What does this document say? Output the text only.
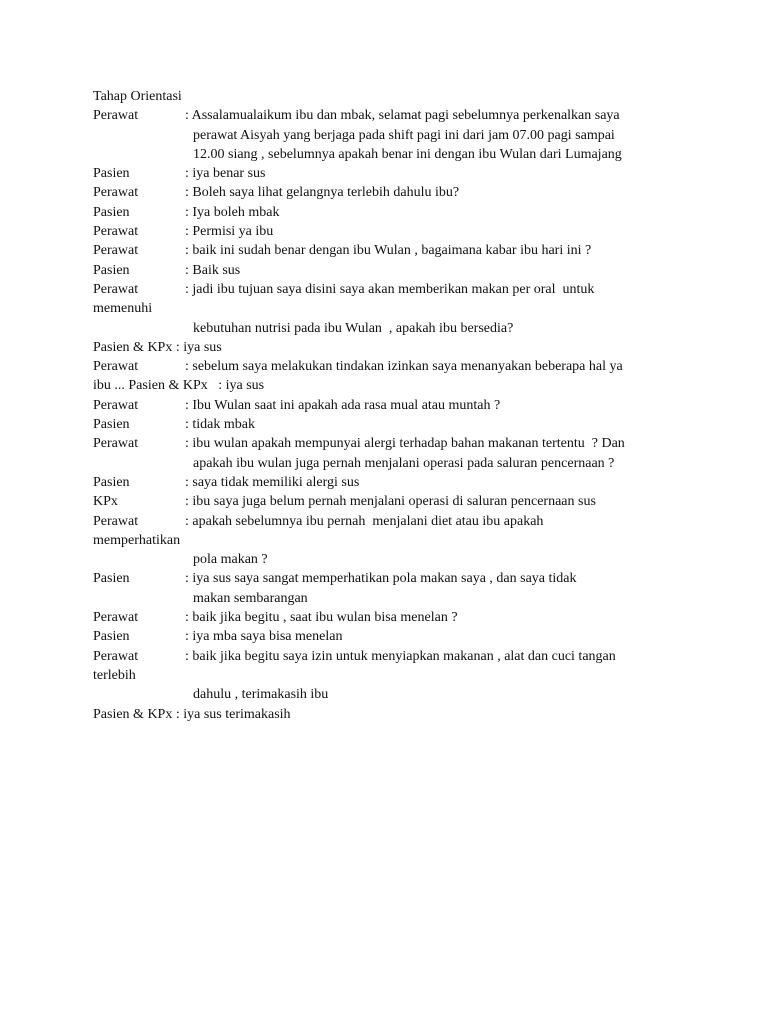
Tahap Orientasi
Perawat	: Assalamualaikum ibu dan mbak, selamat pagi sebelumnya perkenalkan saya
perawat Aisyah yang berjaga pada shift pagi ini dari jam 07.00 pagi sampai
12.00 siang , sebelumnya apakah benar ini dengan ibu Wulan dari Lumajang
Pasien	: iya benar sus
Perawat	: Boleh saya lihat gelangnya terlebih dahulu ibu?
Pasien	: Iya boleh mbak
Perawat	: Permisi ya ibu
Perawat	: baik ini sudah benar dengan ibu Wulan , bagaimana kabar ibu hari ini ?
Pasien	: Baik sus
Perawat	: jadi ibu tujuan saya disini saya akan memberikan makan per oral  untuk
memenuhi
kebutuhan nutrisi pada ibu Wulan  , apakah ibu bersedia?
Pasien & KPx : iya sus
Perawat	: sebelum saya melakukan tindakan izinkan saya menanyakan beberapa hal ya
ibu ... Pasien & KPx   : iya sus
Perawat	: Ibu Wulan saat ini apakah ada rasa mual atau muntah ?
Pasien	: tidak mbak
Perawat	: ibu wulan apakah mempunyai alergi terhadap bahan makanan tertentu  ? Dan
apakah ibu wulan juga pernah menjalani operasi pada saluran pencernaan ?
Pasien	: saya tidak memiliki alergi sus
KPx	: ibu saya juga belum pernah menjalani operasi di saluran pencernaan sus
Perawat	: apakah sebelumnya ibu pernah  menjalani diet atau ibu apakah
memperhatikan
pola makan ?
Pasien	: iya sus saya sangat memperhatikan pola makan saya , dan saya tidak
makan sembarangan
Perawat	: baik jika begitu , saat ibu wulan bisa menelan ?
Pasien	: iya mba saya bisa menelan
Perawat	: baik jika begitu saya izin untuk menyiapkan makanan , alat dan cuci tangan
terlebih
dahulu , terimakasih ibu
Pasien & KPx : iya sus terimakasih
